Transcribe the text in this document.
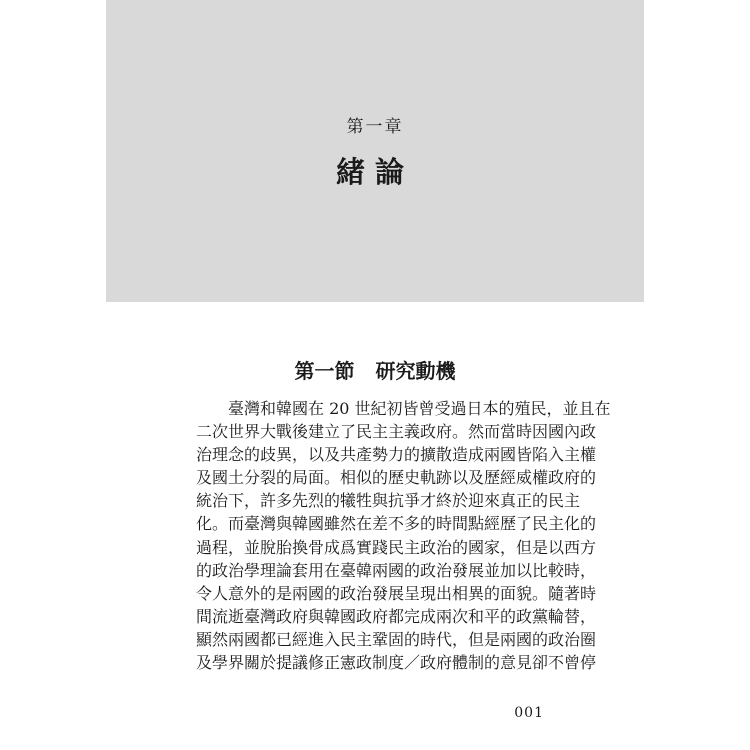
第一章
緒論
第一節 研究動機
　　臺灣和韓國在 20 世紀初皆曾受過日本的殖民，並且在
二次世界大戰後建立了民主主義政府。然而當時因國內政
治理念的歧異，以及共產勢力的擴散造成兩國皆陷入主權
及國土分裂的局面。相似的歷史軌跡以及歷經威權政府的
統治下，許多先烈的犧牲與抗爭才終於迎來真正的民主
化。而臺灣與韓國雖然在差不多的時間點經歷了民主化的
過程，並脫胎換骨成爲實踐民主政治的國家，但是以西方
的政治學理論套用在臺韓兩國的政治發展並加以比較時，
令人意外的是兩國的政治發展呈現出相異的面貌。隨著時
間流逝臺灣政府與韓國政府都完成兩次和平的政黨輪替，
顯然兩國都已經進入民主鞏固的時代，但是兩國的政治圈
及學界關於提議修正憲政制度／政府體制的意見卻不曾停
001
